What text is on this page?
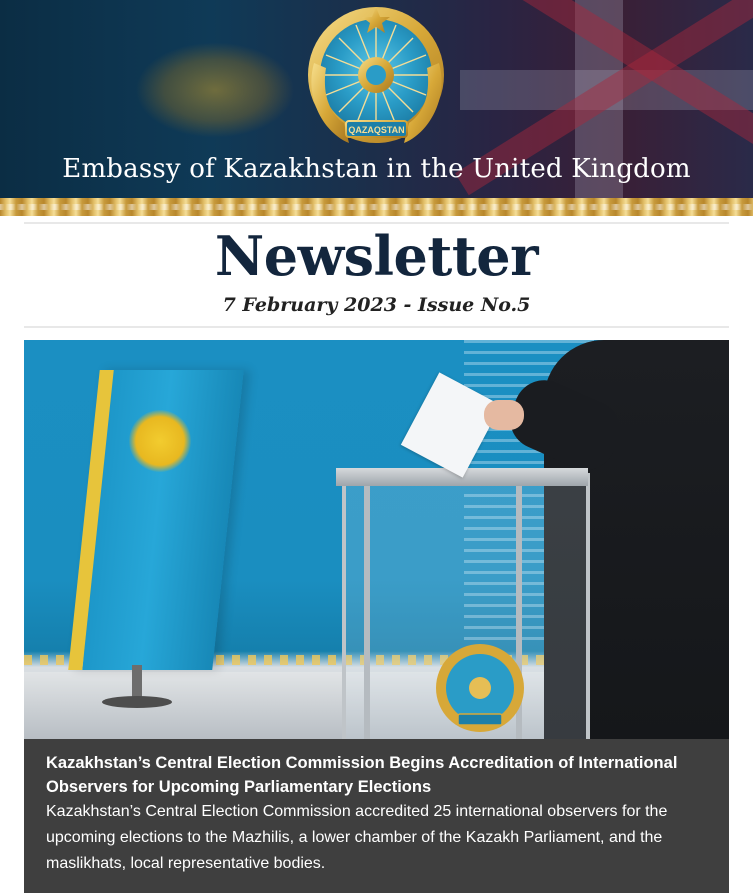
QAZAQSTAN
Embassy of Kazakhstan in the United Kingdom
Newsletter
7 February 2023 - Issue No.5
Kazakhstan’s Central Election Commission Begins Accreditation of International Observers for Upcoming Parliamentary Elections
Kazakhstan’s Central Election Commission accredited 25 international observers for the upcoming elections to the Mazhilis, a lower chamber of the Kazakh Parliament, and the maslikhats, local representative bodies.
